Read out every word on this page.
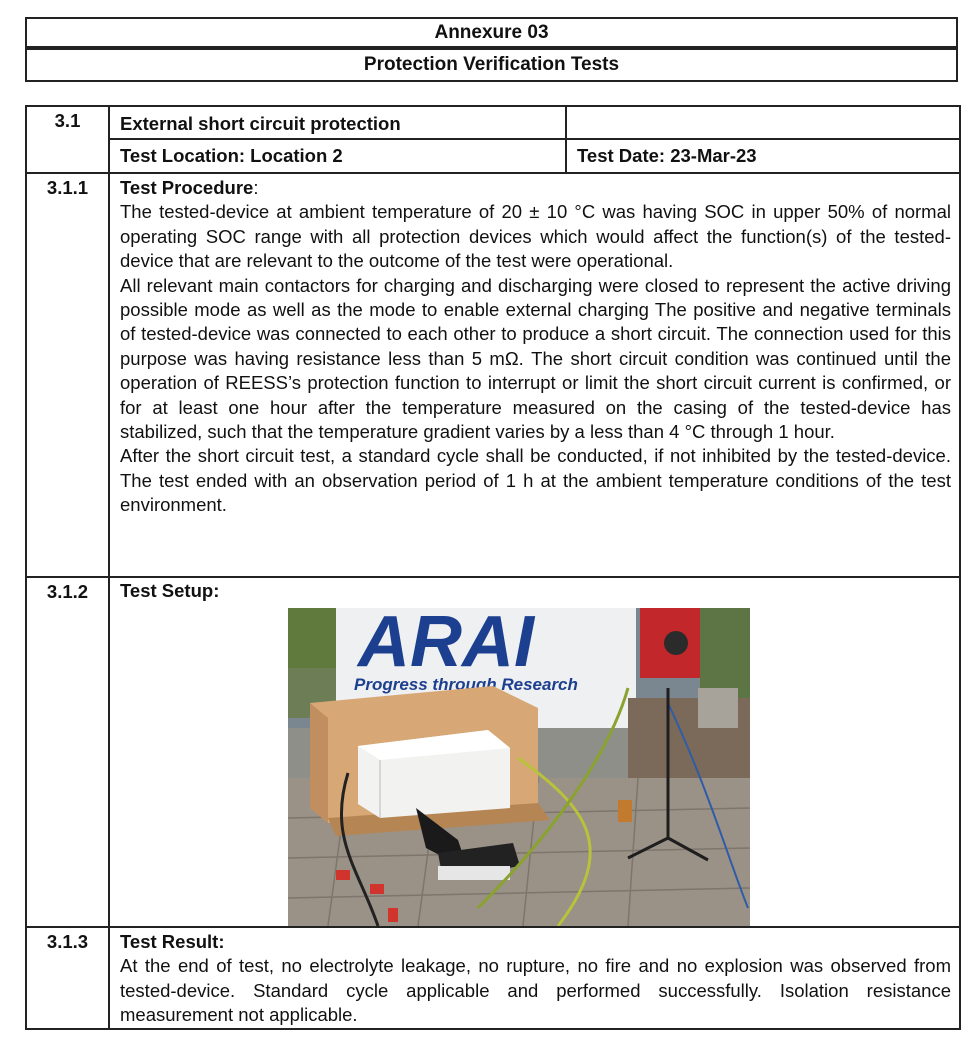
Annexure 03
Protection Verification Tests
3.1	External short circuit protection	
	Test Location: Location 2	Test Date: 23-Mar-23
3.1.1	Test Procedure:
The tested-device at ambient temperature of 20 ± 10 °C was having SOC in upper 50% of normal operating SOC range with all protection devices which would affect the function(s) of the tested-device that are relevant to the outcome of the test were operational.
All relevant main contactors for charging and discharging were closed to represent the active driving possible mode as well as the mode to enable external charging The positive and negative terminals of tested-device was connected to each other to produce a short circuit. The connection used for this purpose was having resistance less than 5 mΩ. The short circuit condition was continued until the operation of REESS’s protection function to interrupt or limit the short circuit current is confirmed, or for at least one hour after the temperature measured on the casing of the tested-device has stabilized, such that the temperature gradient varies by a less than 4 °C through 1 hour.
After the short circuit test, a standard cycle shall be conducted, if not inhibited by the tested-device. The test ended with an observation period of 1 h at the ambient temperature conditions of the test environment.	

3.1.2	Test Setup:
ARAI
Progress through Research	

3.1.3	Test Result:
At the end of test, no electrolyte leakage, no rupture, no fire and no explosion was observed from tested-device. Standard cycle applicable and performed successfully. Isolation resistance measurement not applicable.	
